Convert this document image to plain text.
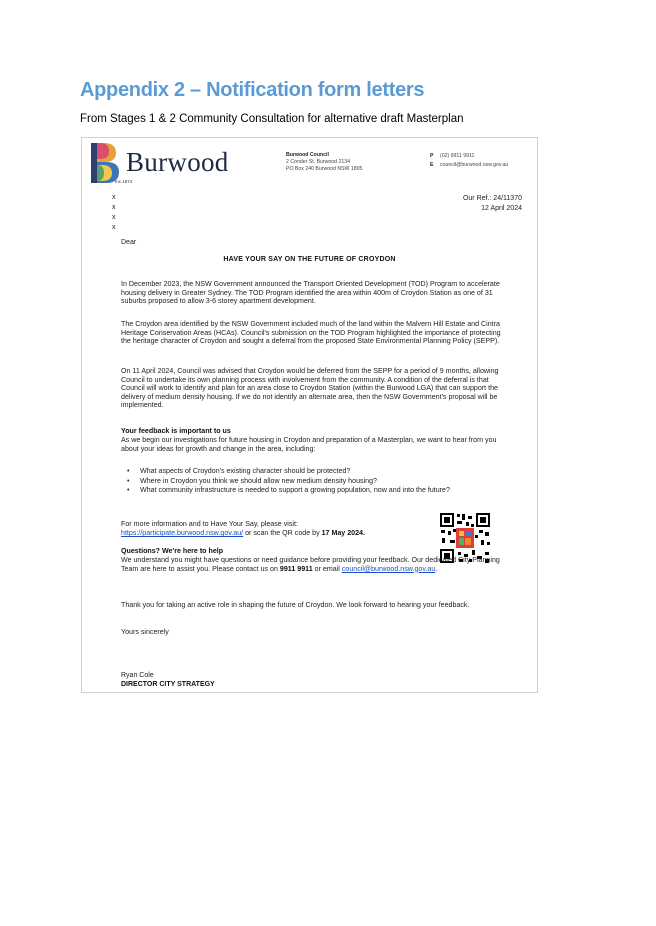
Appendix 2 – Notification form letters
From Stages 1 & 2 Community Consultation for alternative draft Masterplan
Burwood
Inc.1874
Burwood Council
2 Conder St, Burwood 2134
PO Box 240 Burwood NSW 1805
P (02) 9911 9911
E council@burwood.nsw.gov.au
Our Ref.: 24/11370
12 April 2024
x
x
x
x
Dear
HAVE YOUR SAY ON THE FUTURE OF CROYDON

In December 2023, the NSW Government announced the Transport Oriented Development (TOD) Program to accelerate housing delivery in Greater Sydney. The TOD Program identified the area within 400m of Croydon Station as one of 31 suburbs proposed to allow 3-6 storey apartment development.

The Croydon area identified by the NSW Government included much of the land within the Malvern Hill Estate and Cintra Heritage Conservation Areas (HCAs). Council's submission on the TOD Program highlighted the importance of protecting the heritage character of Croydon and sought a deferral from the proposed State Environmental Planning Policy (SEPP).

On 11 April 2024, Council was advised that Croydon would be deferred from the SEPP for a period of 9 months, allowing Council to undertake its own planning process with involvement from the community. A condition of the deferral is that Council will work to identify and plan for an area close to Croydon Station (within the Burwood LGA) that can support the delivery of medium density housing. If we do not identify an alternate area, then the NSW Government's proposal will be implemented.

Your feedback is important to us

As we begin our investigations for future housing in Croydon and preparation of a Masterplan, we want to hear from you about your ideas for growth and change in the area, including:

• What aspects of Croydon's existing character should be protected?
• Where in Croydon you think we should allow new medium density housing?
• What community infrastructure is needed to support a growing population, now and into the future?
For more information and to Have Your Say, please visit:
https://participate.burwood.nsw.gov.au/ or scan the QR code by 17 May 2024.
Questions? We're here to help

We understand you might have questions or need guidance before providing your feedback. Our dedicated City Planning Team are here to assist you. Please contact us on 9911 9911 or email council@burwood.nsw.gov.au.

Thank you for taking an active role in shaping the future of Croydon. We look forward to hearing your feedback.

Yours sincerely
Ryan Cole
DIRECTOR CITY STRATEGY
